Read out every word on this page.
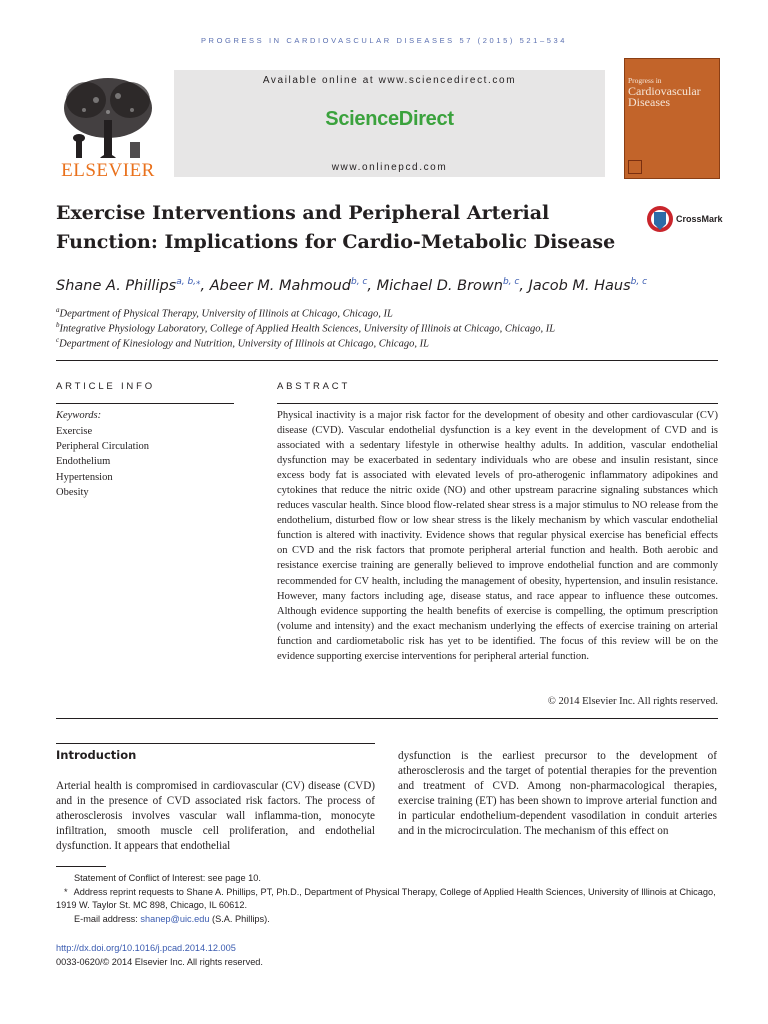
PROGRESS IN CARDIOVASCULAR DISEASES 57 (2015) 521–534
ELSEVIER
Available online at www.sciencedirect.com
ScienceDirect
www.onlinepcd.com
Progress in
Cardiovascular
Diseases
Exercise Interventions and Peripheral Arterial
Function: Implications for Cardio-Metabolic Disease
CrossMark
Shane A. Phillips$^{a, b,⁎}$, Abeer M. Mahmoud$^{b, c}$, Michael D. Brown$^{b, c}$, Jacob M. Haus$^{b, c}$
$^a$Department of Physical Therapy, University of Illinois at Chicago, Chicago, IL
$^b$Integrative Physiology Laboratory, College of Applied Health Sciences, University of Illinois at Chicago, Chicago, IL
$^c$Department of Kinesiology and Nutrition, University of Illinois at Chicago, Chicago, IL
ARTICLE INFO	ABSTRACT
Keywords:
Exercise
Peripheral Circulation
Endothelium
Hypertension
Obesity
Physical inactivity is a major risk factor for the development of obesity and other cardiovascular (CV) disease (CVD). Vascular endothelial dysfunction is a key event in the development of CVD and is associated with a sedentary lifestyle in otherwise healthy adults. In addition, vascular endothelial dysfunction may be exacerbated in sedentary individuals who are obese and insulin resistant, since excess body fat is associated with elevated levels of pro-atherogenic inflammatory adipokines and cytokines that reduce the nitric oxide (NO) and other upstream paracrine signaling substances which reduces vascular health. Since blood flow-related shear stress is a major stimulus to NO release from the endothelium, disturbed flow or low shear stress is the likely mechanism by which vascular endothelial function is altered with inactivity. Evidence shows that regular physical exercise has beneficial effects on CVD and the risk factors that promote peripheral arterial function and health. Both aerobic and resistance exercise training are generally believed to improve endothelial function and are commonly recommended for CV health, including the management of obesity, hypertension, and insulin resistance. However, many factors including age, disease status, and race appear to influence these outcomes. Although evidence supporting the health benefits of exercise is compelling, the optimum prescription (volume and intensity) and the exact mechanism underlying the effects of exercise training on arterial function and cardiometabolic risk has yet to be identified. The focus of this review will be on the evidence supporting exercise interventions for peripheral arterial function.
© 2014 Elsevier Inc. All rights reserved.
Introduction
Arterial health is compromised in cardiovascular (CV) disease (CVD) and in the presence of CVD associated risk factors. The process of atherosclerosis involves vascular wall inflamma-tion, monocyte infiltration, smooth muscle cell proliferation, and endothelial dysfunction. It appears that endothelial
dysfunction is the earliest precursor to the development of atherosclerosis and the target of potential therapies for the prevention and treatment of CVD. Among non-pharmacological therapies, exercise training (ET) has been shown to improve arterial function and in particular endothelium-dependent vasodilation in conduit arteries and in the microcirculation. The mechanism of this effect on
Statement of Conflict of Interest: see page 10.
* Address reprint requests to Shane A. Phillips, PT, Ph.D., Department of Physical Therapy, College of Applied Health Sciences, University of Illinois at Chicago, 1919 W. Taylor St. MC 898, Chicago, IL 60612.
E-mail address: shanep@uic.edu (S.A. Phillips).
http://dx.doi.org/10.1016/j.pcad.2014.12.005
0033-0620/© 2014 Elsevier Inc. All rights reserved.
